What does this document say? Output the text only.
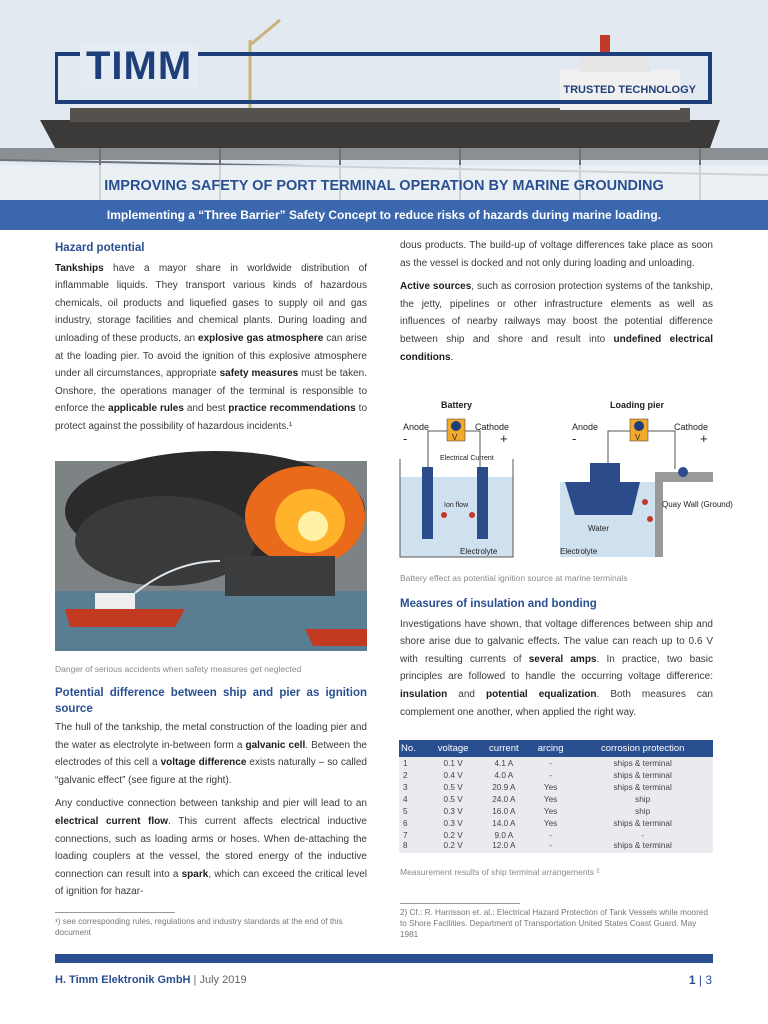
TIMM
TRUSTED TECHNOLOGY
IMPROVING SAFETY OF PORT TERMINAL OPERATION BY MARINE GROUNDING
Implementing a “Three Barrier” Safety Concept to reduce risks of hazards during marine loading.
Hazard potential

Tankships have a mayor share in worldwide distribution of inflammable liquids. They transport various kinds of hazardous chemicals, oil products and liquefied gases to supply oil and gas industry, storage facilities and chemical plants. During loading and unloading of these products, an explosive gas atmosphere can arise at the loading pier. To avoid the ignition of this explosive atmosphere under all circumstances, appropriate safety measures must be taken. Onshore, the operations manager of the terminal is responsible to enforce the applicable rules and best practice recommendations to protect against the possibility of hazardous incidents.¹

Danger of serious accidents when safety measures get neglected
Potential difference between ship and pier as ignition source

The hull of the tankship, the metal construction of the loading pier and the water as electrolyte in-between form a galvanic cell. Between the electrodes of this cell a voltage difference exists naturally – so called “galvanic effect” (see figure at the right).

Any conductive connection between tankship and pier will lead to an electrical current flow. This current affects electrical inductive connections, such as loading arms or hoses. When de-attaching the loading couplers at the vessel, the stored energy of the inductive connection can result into a spark, which can exceed the critical level of ignition for hazar-

¹) see corresponding rules, regulations and industry standards at the end of this document

dous products. The build-up of voltage differences take place as soon as the vessel is docked and not only during loading and unloading.

Active sources, such as corrosion protection systems of the tankship, the jetty, pipelines or other infrastructure elements as well as influences of nearby railways may boost the potential difference between ship and shore and result into undefined electrical conditions.

Battery
Anode	Cathode
-	+
V
Electrical Current
Ion flow
Electrolyte
Loading pier
Anode	Cathode
-	+
V
Water
Quay Wall (Ground)
Electrolyte
Battery effect as potential ignition source at marine terminals
Measures of insulation and bonding

Investigations have shown, that voltage differences between ship and shore arise due to galvanic effects. The value can reach up to 0.6 V with resulting currents of several amps. In practice, two basic principles are followed to handle the occurring voltage difference: insulation and potential equalization. Both measures can complement one another, when applied the right way.

No.	voltage	current	arcing	corrosion protection
1	0.1 V	4.1 A	-	ships & terminal
2	0.4 V	4.0 A	-	ships & terminal
3	0.5 V	20.9 A	Yes	ships & terminal
4	0.5 V	24.0 A	Yes	ship
5	0.3 V	16.0 A	Yes	ship
6	0.3 V	14.0 A	Yes	ships & terminal
7	0.2 V	9.0 A	-	-
8	0.2 V	12.0 A	-	ships & terminal
Measurement results of ship terminal arrangements ²
2) Cf.: R. Harrisson et. al.: Electrical Hazard Protection of Tank Vessels while moored to Shore Facilities. Department of Transportation United States Coast Guard. May 1981
H. Timm Elektronik GmbH | July 2019	1 | 3
